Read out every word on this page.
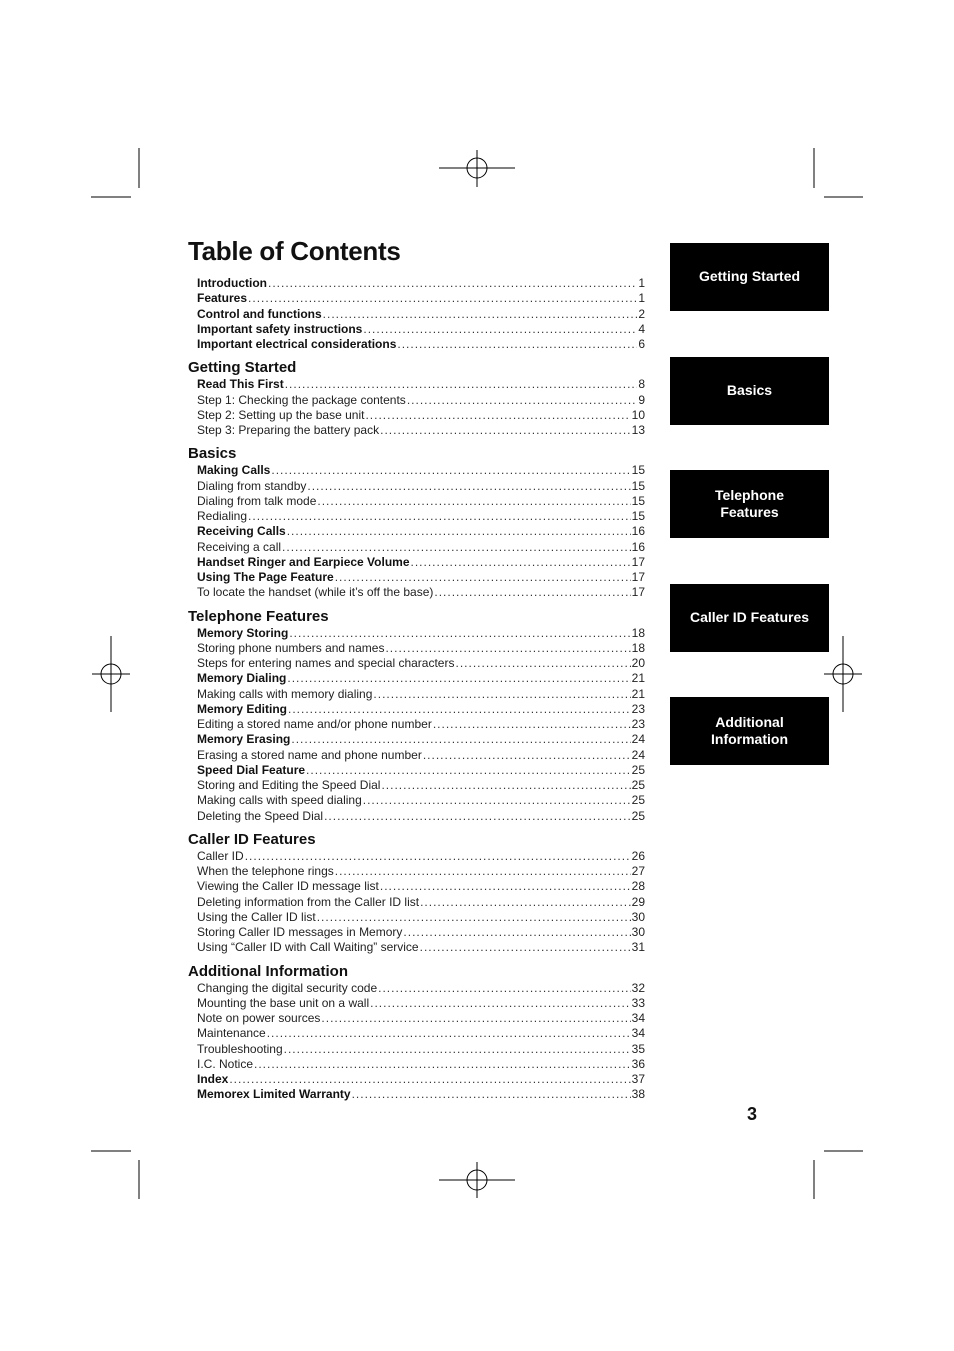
Table of Contents
Introduction .....	1
Features .....	1
Control and functions .....	2
Important safety instructions .....	4
Important electrical considerations .....	6
Getting Started
Read This First .....	8
Step 1: Checking the package contents .....	9
Step 2: Setting up the base unit .....	10
Step 3: Preparing the battery pack .....	13
Basics
Making Calls .....	15
Dialing from standby .....	15
Dialing from talk mode .....	15
Redialing .....	15
Receiving Calls .....	16
Receiving a call .....	16
Handset Ringer and Earpiece Volume .....	17
Using The Page Feature .....	17
To locate the handset (while it’s off the base) .....	17
Telephone Features
Memory Storing .....	18
Storing phone numbers and names .....	18
Steps for entering names and special characters .....	20
Memory Dialing .....	21
Making calls with memory dialing .....	21
Memory Editing .....	23
Editing a stored name and/or phone number .....	23
Memory Erasing .....	24
Erasing a stored name and phone number .....	24
Speed Dial Feature .....	25
Storing and Editing the Speed Dial .....	25
Making calls with speed dialing .....	25
Deleting the Speed Dial .....	25
Caller ID Features
Caller ID .....	26
When the telephone rings .....	27
Viewing the Caller ID message list .....	28
Deleting information from the Caller ID list .....	29
Using the Caller ID list .....	30
Storing Caller ID messages in Memory .....	30
Using “Caller ID with Call Waiting” service .....	31
Additional Information
Changing the digital security code .....	32
Mounting the base unit on a wall .....	33
Note on power sources .....	34
Maintenance .....	34
Troubleshooting .....	35
I.C. Notice .....	36
Index .....	37
Memorex Limited Warranty .....	38
Getting Started
Basics
Telephone Features
Caller ID Features
Additional Information
3
